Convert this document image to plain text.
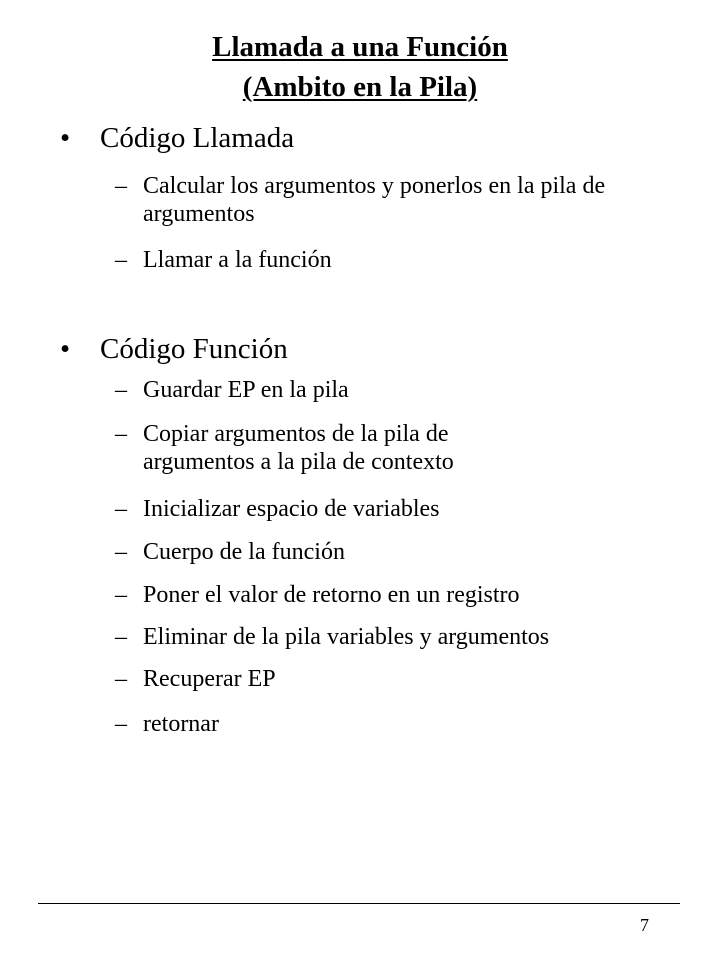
Llamada a una Función
(Ambito en la Pila)
• Código Llamada
– Calcular los argumentos y ponerlos en la pila de argumentos
– Llamar a la función
• Código Función
– Guardar EP en la pila
– Copiar argumentos de la pila de argumentos a la pila de contexto
– Inicializar espacio de variables
– Cuerpo de la función
– Poner el valor de retorno en un registro
– Eliminar de la pila variables y argumentos
– Recuperar EP
– retornar
7
